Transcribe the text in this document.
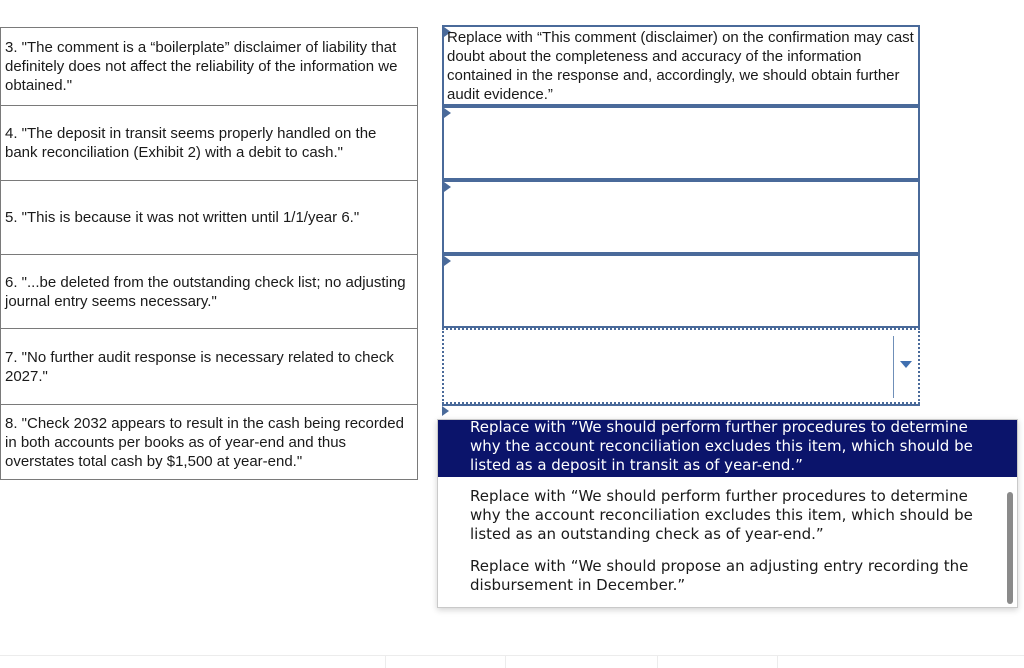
3. "The comment is a “boilerplate” disclaimer of liability that definitely does not affect the reliability of the information we obtained."
4. "The deposit in transit seems properly handled on the bank reconciliation (Exhibit 2) with a debit to cash."
5. "This is because it was not written until 1/1/year 6."
6. "...be deleted from the outstanding check list; no adjusting journal entry seems necessary."
7. "No further audit response is necessary related to check 2027."
8. "Check 2032 appears to result in the cash being recorded in both accounts per books as of year-end and thus overstates total cash by $1,500 at year-end."
Replace with “This comment (disclaimer) on the confirmation may cast doubt about the completeness and accuracy of the information contained in the response and, accordingly, we should obtain further audit evidence.”
Replace with “We should perform further procedures to determine why the account reconciliation excludes this item, which should be listed as a deposit in transit as of year-end.”
Replace with “We should perform further procedures to determine why the account reconciliation excludes this item, which should be listed as an outstanding check as of year-end.”
Replace with “We should propose an adjusting entry recording the disbursement in December.”
